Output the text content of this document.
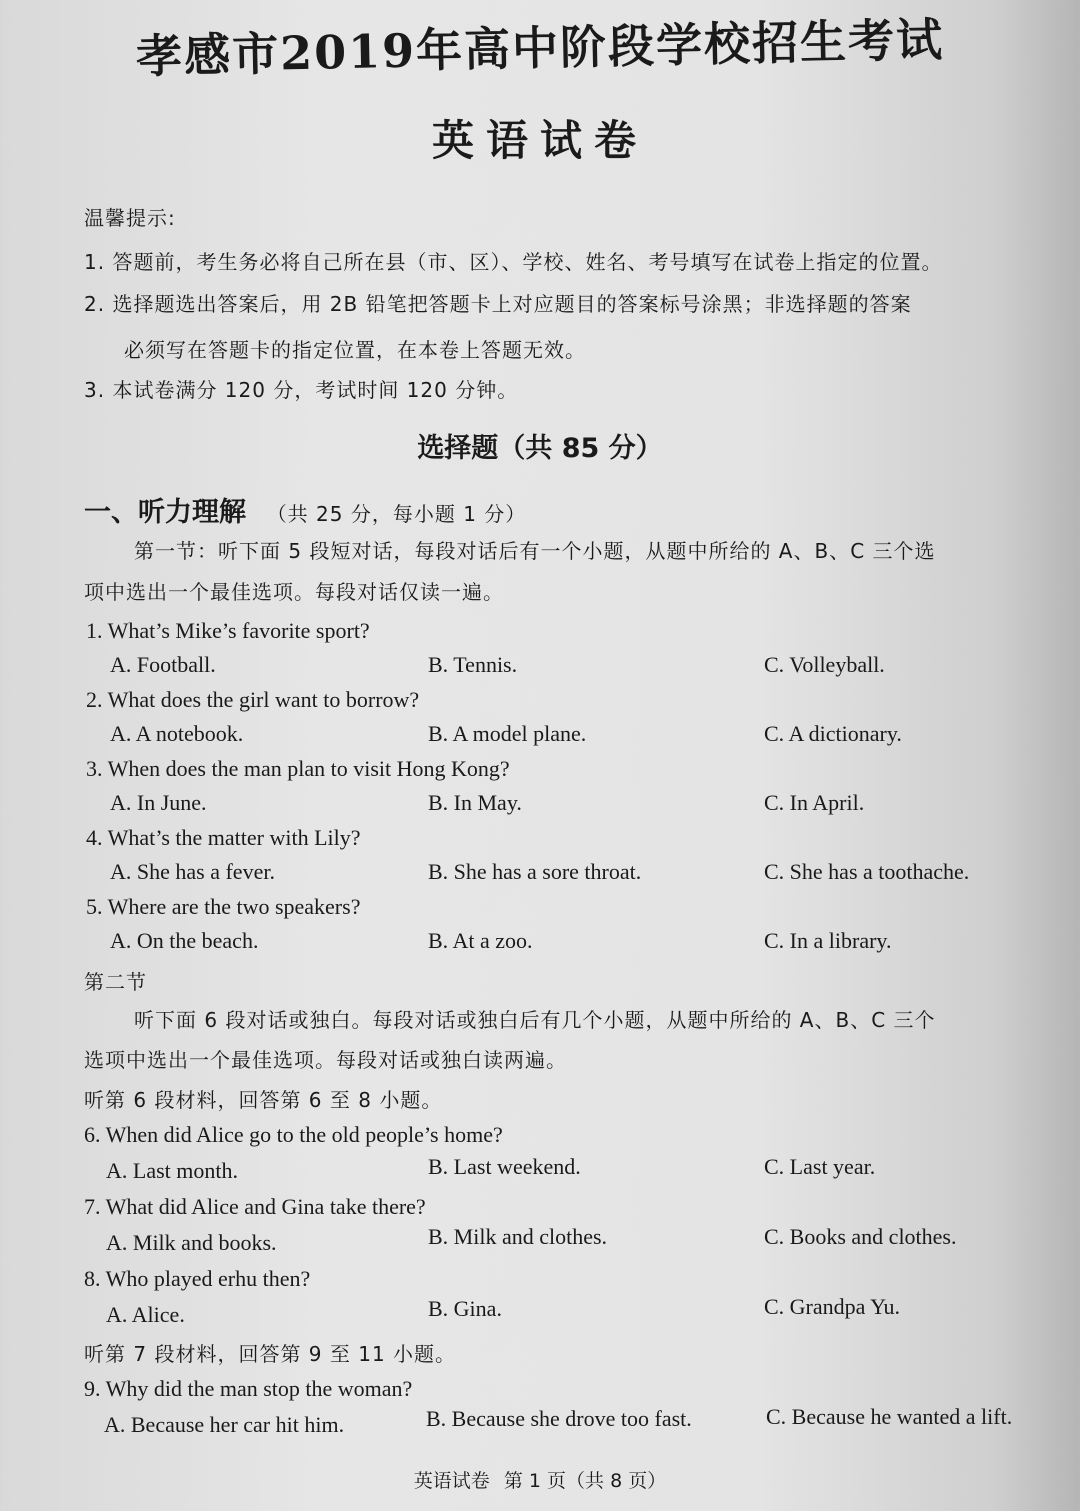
孝感市2019年高中阶段学校招生考试
英语试卷
温馨提示:
1. 答题前，考生务必将自己所在县（市、区）、学校、姓名、考号填写在试卷上指定的位置。
2. 选择题选出答案后，用 2B 铅笔把答题卡上对应题目的答案标号涂黑；非选择题的答案
必须写在答题卡的指定位置，在本卷上答题无效。
3. 本试卷满分 120 分，考试时间 120 分钟。
选择题（共 85 分）
一、听力理解 （共 25 分，每小题 1 分）
第一节：听下面 5 段短对话，每段对话后有一个小题，从题中所给的 A、B、C 三个选
项中选出一个最佳选项。每段对话仅读一遍。
1. What’s Mike’s favorite sport?
A. Football.	B. Tennis.	C. Volleyball.
2. What does the girl want to borrow?
A. A notebook.	B. A model plane.	C. A dictionary.
3. When does the man plan to visit Hong Kong?
A. In June.	B. In May.	C. In April.
4. What’s the matter with Lily?
A. She has a fever.	B. She has a sore throat.	C. She has a toothache.
5. Where are the two speakers?
A. On the beach.	B. At a zoo.	C. In a library.
第二节
听下面 6 段对话或独白。每段对话或独白后有几个小题，从题中所给的 A、B、C 三个
选项中选出一个最佳选项。每段对话或独白读两遍。
听第 6 段材料，回答第 6 至 8 小题。
6. When did Alice go to the old people’s home?
A. Last month.	B. Last weekend.	C. Last year.
7. What did Alice and Gina take there?
A. Milk and books.	B. Milk and clothes.	C. Books and clothes.
8. Who played erhu then?
A. Alice.	B. Gina.	C. Grandpa Yu.
听第 7 段材料，回答第 9 至 11 小题。
9. Why did the man stop the woman?
A. Because her car hit him.	B. Because she drove too fast.	C. Because he wanted a lift.
英语试卷 第 1 页（共 8 页）
